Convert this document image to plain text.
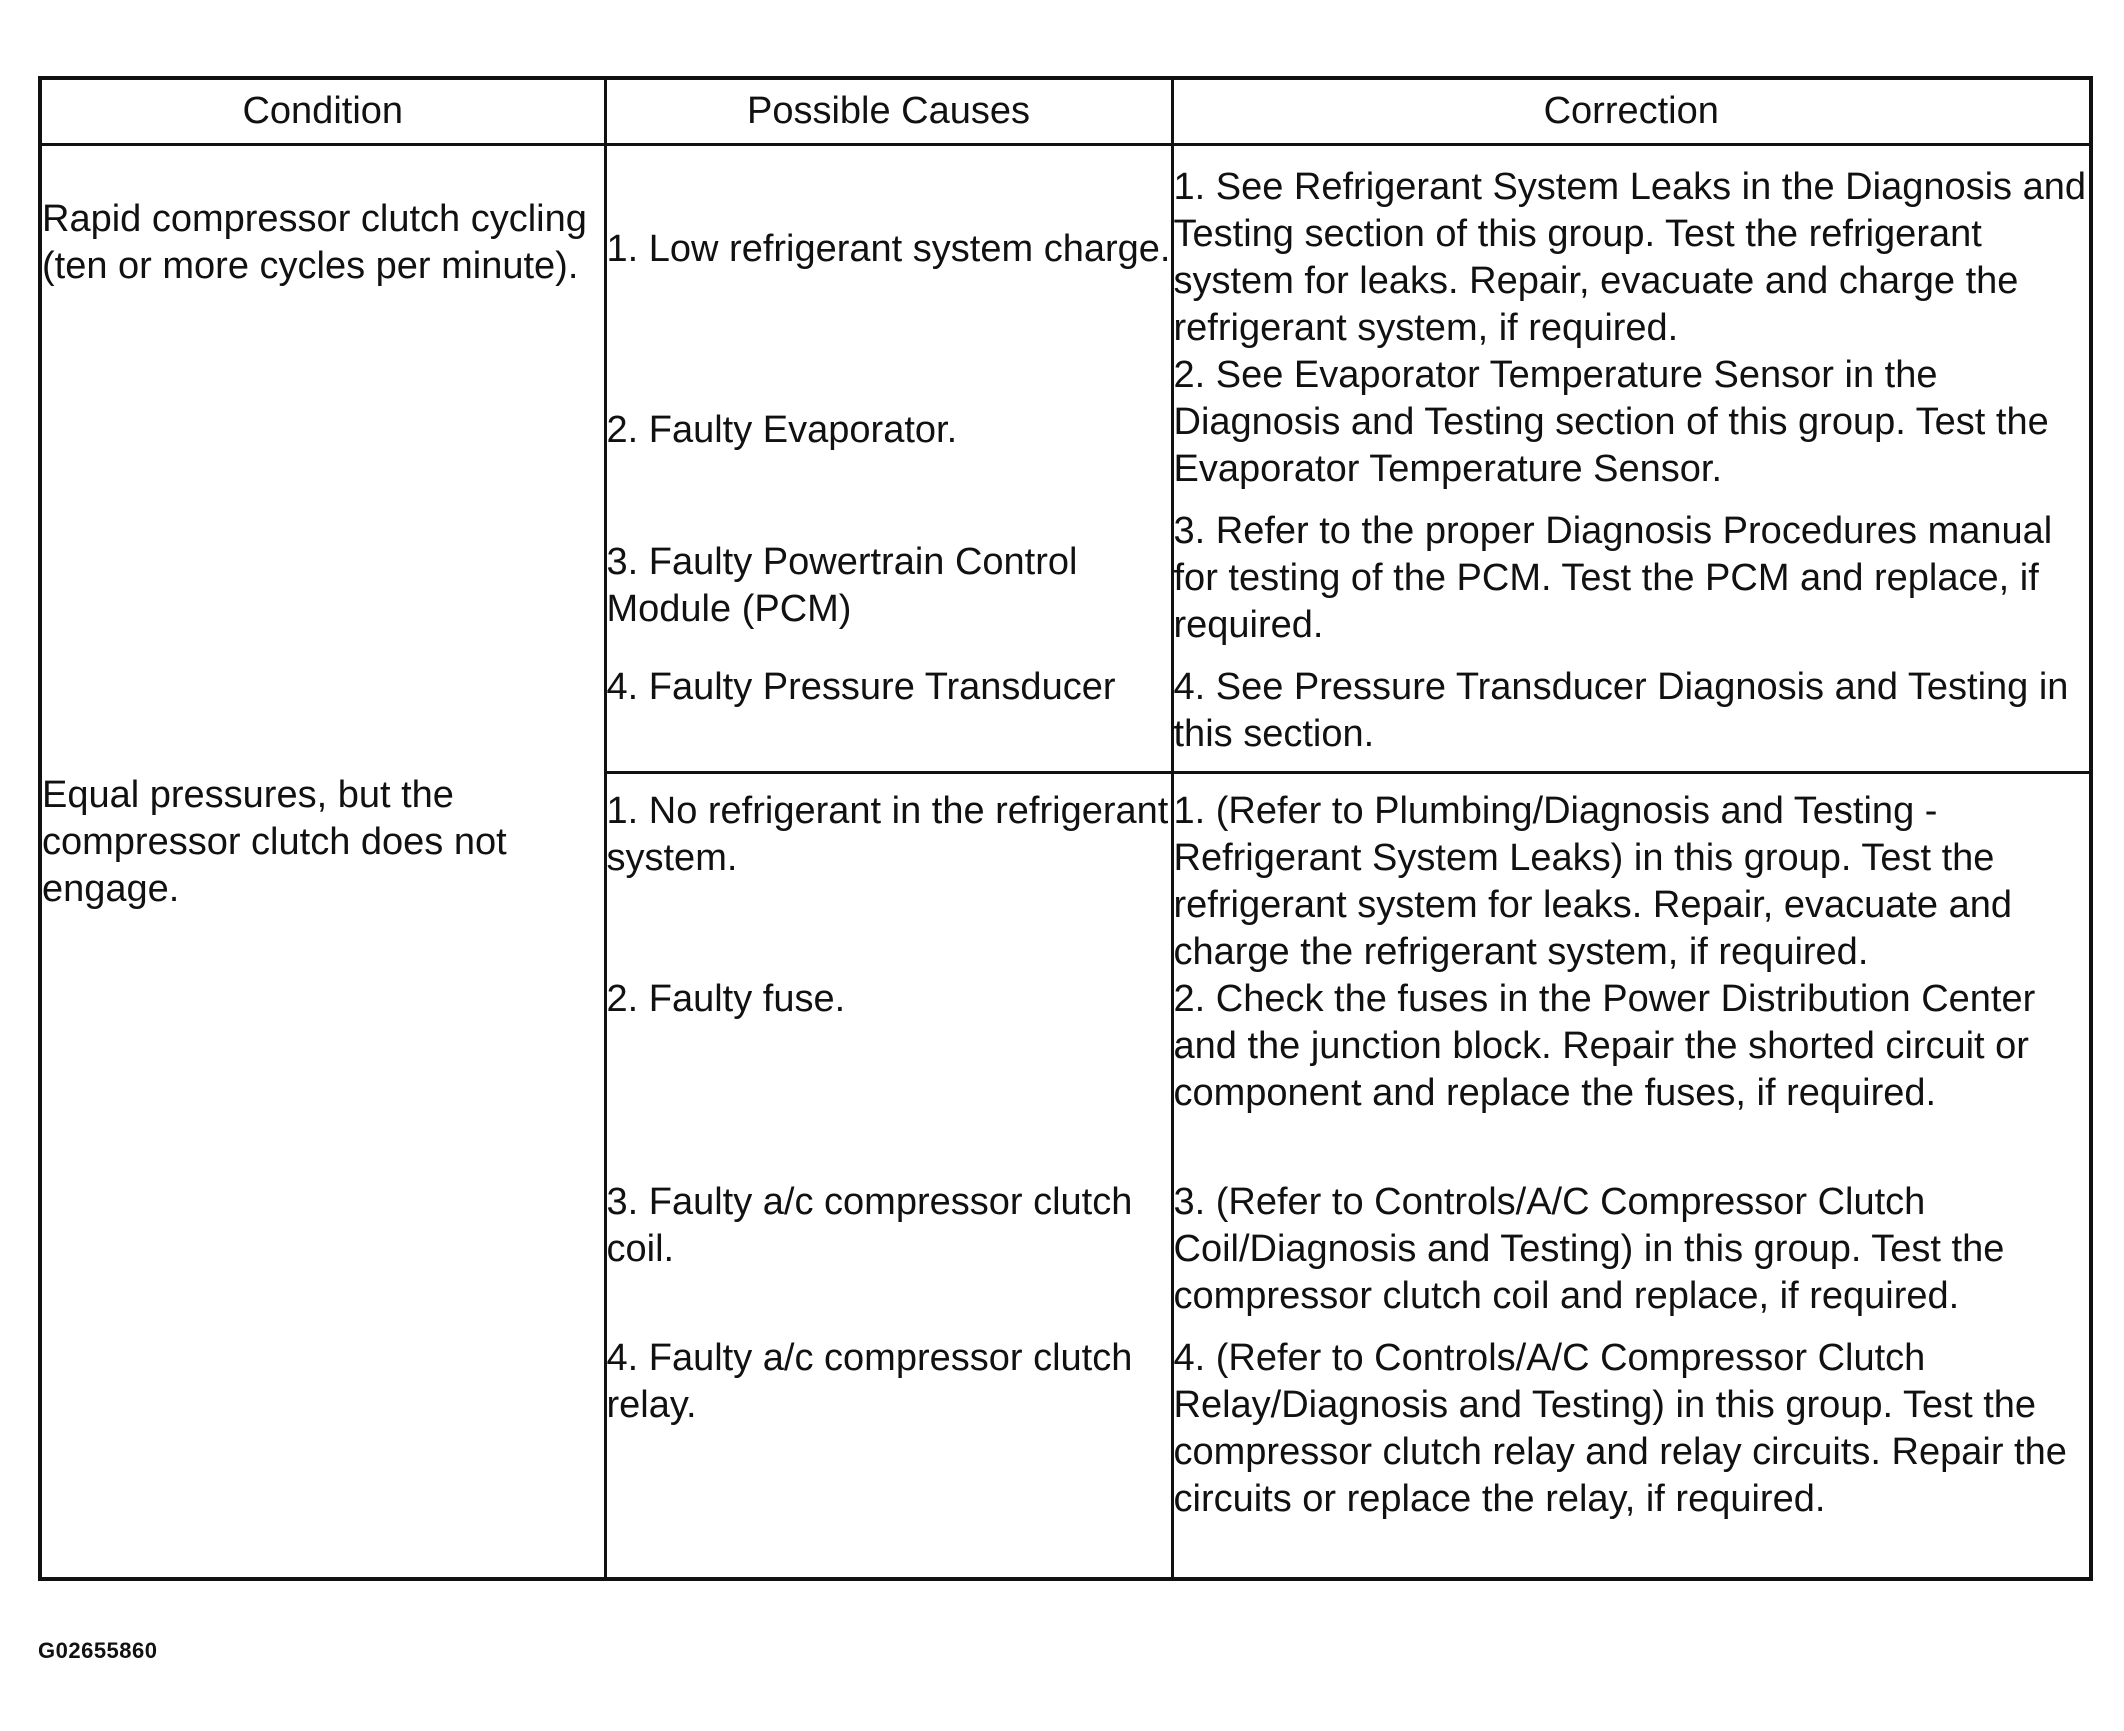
Condition	Possible Causes	Correction
Rapid compressor clutch cycling (ten or more cycles per minute).	1. Low refrigerant system charge.	1. See Refrigerant System Leaks in the Diagnosis and Testing section of this group. Test the refrigerant system for leaks. Repair, evacuate and charge the refrigerant system, if required.
	2. Faulty Evaporator.	2. See Evaporator Temperature Sensor in the Diagnosis and Testing section of this group. Test the Evaporator Temperature Sensor.
	3. Faulty Powertrain Control Module (PCM)	3. Refer to the proper Diagnosis Procedures manual for testing of the PCM. Test the PCM and replace, if required.
	4. Faulty Pressure Transducer	4. See Pressure Transducer Diagnosis and Testing in this section.
Equal pressures, but the compressor clutch does not engage.	1. No refrigerant in the refrigerant system.	1. (Refer to Plumbing/Diagnosis and Testing - Refrigerant System Leaks) in this group. Test the refrigerant system for leaks. Repair, evacuate and charge the refrigerant system, if required.
	2. Faulty fuse.	2. Check the fuses in the Power Distribution Center and the junction block. Repair the shorted circuit or component and replace the fuses, if required.
	3. Faulty a/c compressor clutch coil.	3. (Refer to Controls/A/C Compressor Clutch Coil/Diagnosis and Testing) in this group. Test the compressor clutch coil and replace, if required.
	4. Faulty a/c compressor clutch relay.	4. (Refer to Controls/A/C Compressor Clutch Relay/Diagnosis and Testing) in this group. Test the compressor clutch relay and relay circuits. Repair the circuits or replace the relay, if required.
G02655860
